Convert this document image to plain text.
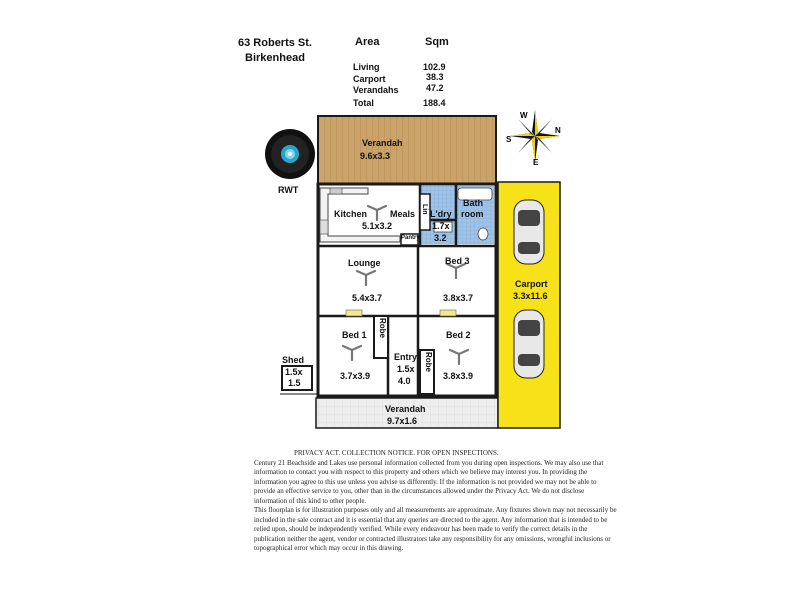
63 Roberts St.
Birkenhead
Area	Sqm
Living	102.9
Carport	38.3
Verandahs	47.2
Total	188.4
N
E
S
W
RWT
Verandah
9.6x3.3
Kitchen	Meals
5.1x3.2
Pantry
Lin L'dry
1.7x
3.2
Bath
room
Lounge
5.4x3.7
Bed 3
3.8x3.7
Bed 1
3.7x3.9
Robe
Entry
1.5x
4.0
Robe
Bed 2
3.8x3.9
Carport
3.3x11.6
Shed
1.5x
1.5
Verandah
9.7x1.6
PRIVACY ACT. COLLECTION NOTICE. FOR OPEN INSPECTIONS.
Century 21 Beachside and Lakes use personal information collected from you during open inspections. We may also use that
information to contact you with respect to this property and others which we believe may interest you. In providing the
information you agree to this use unless you advise us differently. If the information is not provided we may not be able to
provide an effective service to you, other than in the circumstances allowed under the Privacy Act. We do not disclose
information of this kind to other people.
This floorplan is for illustration purposes only and all measurements are approximate. Any fixtures shown may not necessarily be
included in the sale contract and it is essential that any queries are directed to the agent. Any information that is intended to be
relied upon, should be independently verified. While every endeavour has been made to verify the correct details in the
publication neither the agent, vendor or contracted illustrators take any responsibility for any omissions, wrongful inclusions or
topographical error which may occur in this drawing.
